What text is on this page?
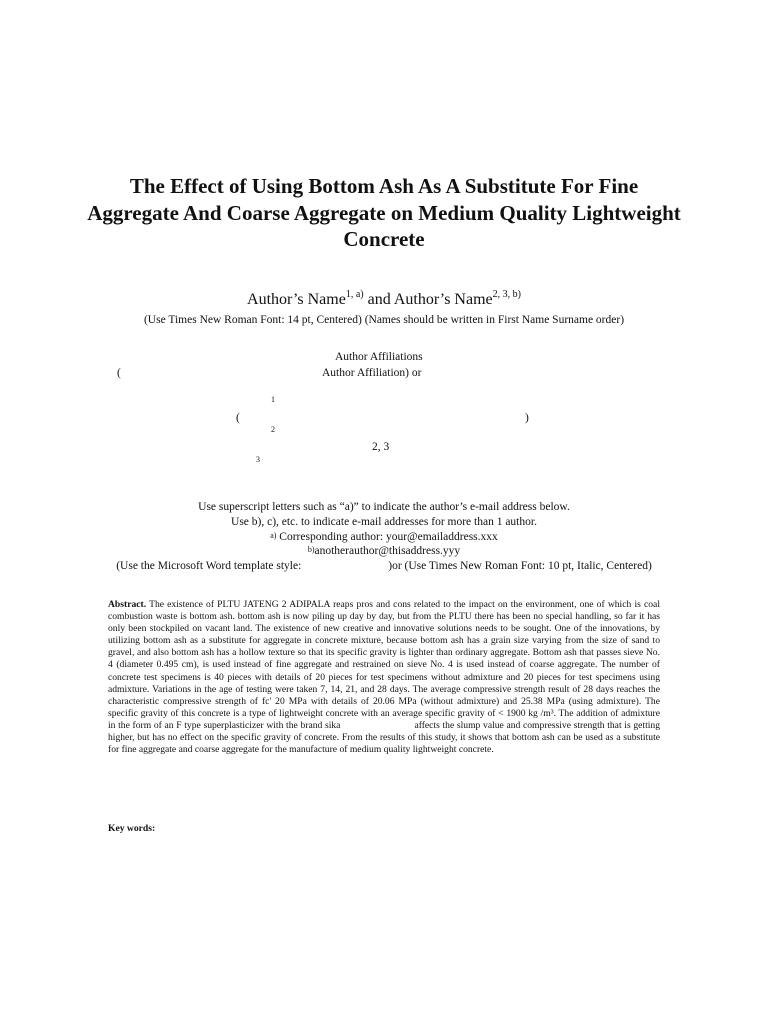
The Effect of Using Bottom Ash As A Substitute For Fine Aggregate And Coarse Aggregate on Medium Quality Lightweight Concrete
Author’s Name$^{1, a)}$ and Author’s Name$^{2, 3, b)}$
(Use Times New Roman Font: 14 pt, Centered) (Names should be written in First Name Surname order)
Author Affiliations
(	Author Affiliation) or
1
(	)
2
2, 3
3
Use superscript letters such as “a)” to indicate the author’s e-mail address below.
Use b), c), etc. to indicate e-mail addresses for more than 1 author.
$^{a)}$ Corresponding author: your@emailaddress.xxx
$^{b)}$anotherauthor@thisaddress.yyy
(Use the Microsoft Word template style:	)or (Use Times New Roman Font: 10 pt, Italic, Centered)
Abstract. The existence of PLTU JATENG 2 ADIPALA reaps pros and cons related to the impact on the environment, one of which is coal combustion waste is bottom ash. bottom ash is now piling up day by day, but from the PLTU there has been no special handling, so far it has only been stockpiled on vacant land. The existence of new creative and innovative solutions needs to be sought. One of the innovations, by utilizing bottom ash as a substitute for aggregate in concrete mixture, because bottom ash has a grain size varying from the size of sand to gravel, and also bottom ash has a hollow texture so that its specific gravity is lighter than ordinary aggregate. Bottom ash that passes sieve No. 4 (diameter 0.495 cm), is used instead of fine aggregate and restrained on sieve No. 4 is used instead of coarse aggregate. The number of concrete test specimens is 40 pieces with details of 20 pieces for test specimens without admixture and 20 pieces for test specimens using admixture. Variations in the age of testing were taken 7, 14, 21, and 28 days. The average compressive strength result of 28 days reaches the characteristic compressive strength of fc' 20 MPa with details of 20.06 MPa (without admixture) and 25.38 MPa (using admixture). The specific gravity of this concrete is a type of lightweight concrete with an average specific gravity of < 1900 kg /m³. The addition of admixture in the form of an F type superplasticizer with the brand sika	affects the slump value and compressive strength that is getting higher, but has no effect on the specific gravity of concrete. From the results of this study, it shows that bottom ash can be used as a substitute for fine aggregate and coarse aggregate for the manufacture of medium quality lightweight concrete.
Key words:
